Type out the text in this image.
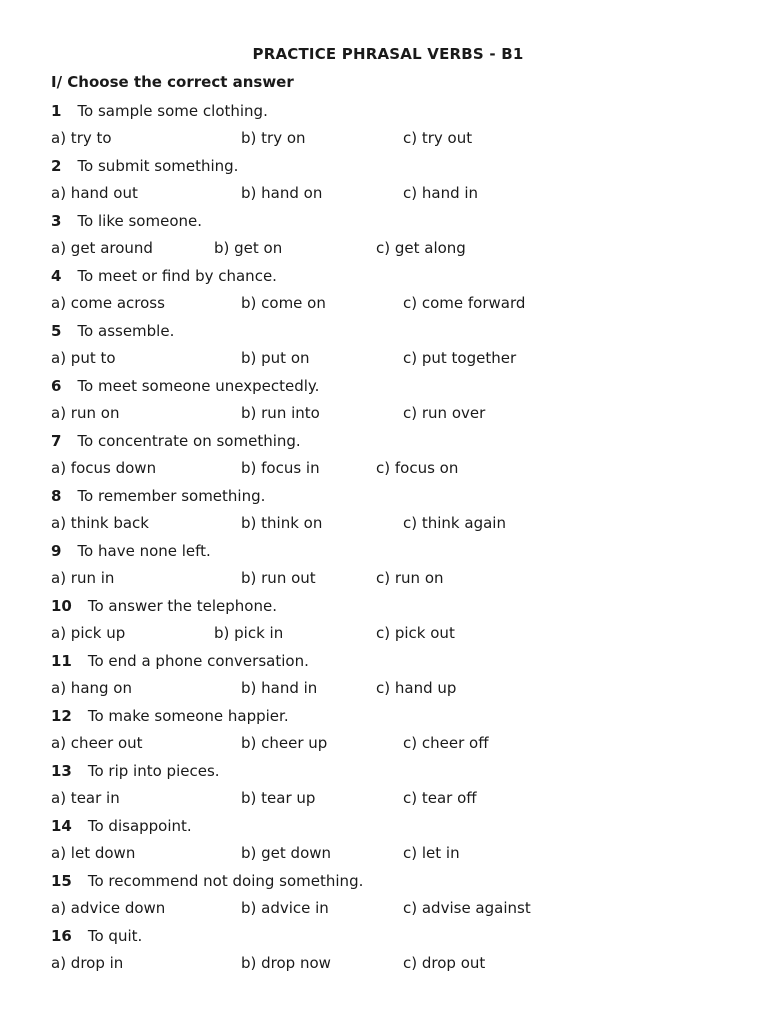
PRACTICE PHRASAL VERBS - B1
I/ Choose the correct answer
1 To sample some clothing.
a) try to	b) try on	c) try out
2 To submit something.
a) hand out	b) hand on	c) hand in
3 To like someone.
a) get around	b) get on	c) get along
4 To meet or find by chance.
a) come across	b) come on	c) come forward
5 To assemble.
a) put to	b) put on	c) put together
6 To meet someone unexpectedly.
a) run on	b) run into	c) run over
7 To concentrate on something.
a) focus down	b) focus in	c) focus on
8 To remember something.
a) think back	b) think on	c) think again
9 To have none left.
a) run in	b) run out	c) run on
10 To answer the telephone.
a) pick up	b) pick in	c) pick out
11 To end a phone conversation.
a) hang on	b) hand in	c) hand up
12 To make someone happier.
a) cheer out	b) cheer up	c) cheer off
13 To rip into pieces.
a) tear in	b) tear up	c) tear off
14 To disappoint.
a) let down	b) get down	c) let in
15 To recommend not doing something.
a) advice down	b) advice in	c) advise against
16 To quit.
a) drop in	b) drop now	c) drop out
